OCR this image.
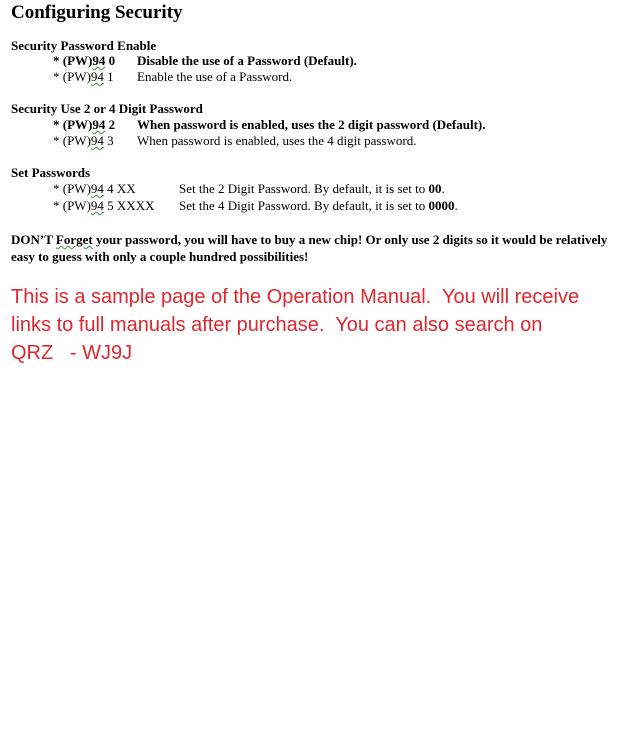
Configuring Security
Security Password Enable
* (PW)94 0 Disable the use of a Password (Default).
* (PW)94 1 Enable the use of a Password.
Security Use 2 or 4 Digit Password
* (PW)94 2 When password is enabled, uses the 2 digit password (Default).
* (PW)94 3 When password is enabled, uses the 4 digit password.
Set Passwords
* (PW)94 4 XX	Set the 2 Digit Password. By default, it is set to 00.
* (PW)94 5 XXXX Set the 4 Digit Password. By default, it is set to 0000.
DON’T Forget your password, you will have to buy a new chip! Or only use 2 digits so it would be relatively easy to guess with only a couple hundred possibilities!

This is a sample page of the Operation Manual.  You will receive

links to full manuals after purchase.  You can also search on

QRZ   - WJ9J
